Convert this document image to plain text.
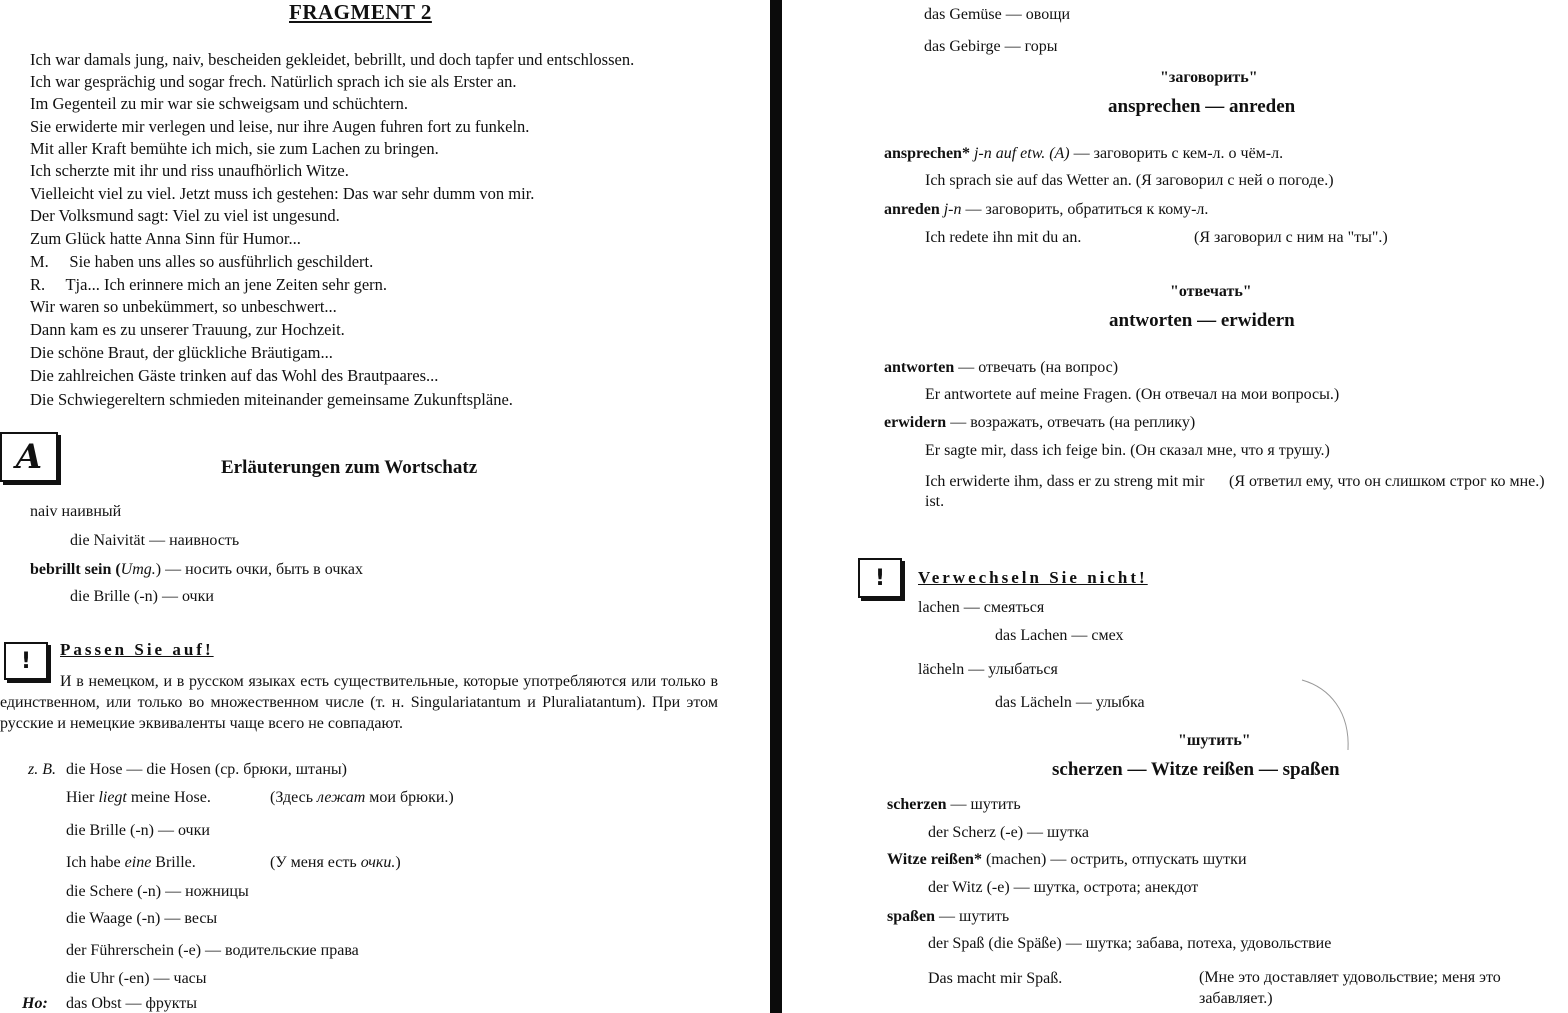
FRAGMENT 2
Ich war damals jung, naiv, bescheiden gekleidet, bebrillt, und doch tapfer und entschlossen.
Ich war gesprächig und sogar frech. Natürlich sprach ich sie als Erster an.
Im Gegenteil zu mir war sie schweigsam und schüchtern.
Sie erwiderte mir verlegen und leise, nur ihre Augen fuhren fort zu funkeln.
Mit aller Kraft bemühte ich mich, sie zum Lachen zu bringen.
Ich scherzte mit ihr und riss unaufhörlich Witze.
Vielleicht viel zu viel. Jetzt muss ich gestehen: Das war sehr dumm von mir.
Der Volksmund sagt: Viel zu viel ist ungesund.
Zum Glück hatte Anna Sinn für Humor...
M.     Sie haben uns alles so ausführlich geschildert.
R.     Tja... Ich erinnere mich an jene Zeiten sehr gern.
Wir waren so unbekümmert, so unbeschwert...
Dann kam es zu unserer Trauung, zur Hochzeit.
Die schöne Braut, der glückliche Bräutigam...
Die zahlreichen Gäste trinken auf das Wohl des Brautpaares...
Die Schwiegereltern schmieden miteinander gemeinsame Zukunftspläne.
A	Erläuterungen zum Wortschatz
naiv наивный
die Naivität — наивность
bebrillt sein (Umg.) — носить очки, быть в очках
die Brille (-n) — очки
!	Passen Sie auf!
И в немецком, и в русском языках есть существительные, которые употребляются или только в единственном, или только во множественном числе (т. н. Singulariatantum и Pluraliatantum). При этом русские и немецкие эквиваленты чаще всего не совпадают.
z. B. die Hose — die Hosen (ср. брюки, штаны)
Hier liegt meine Hose.	(Здесь лежат мои брюки.)
die Brille (-n) — очки
Ich habe eine Brille.	(У меня есть очки.)
die Schere (-n) — ножницы
die Waage (-n) — весы
der Führerschein (-e) — водительские права
die Uhr (-en) — часы
Но: das Obst — фрукты
das Gemüse — овощи
das Gebirge — горы
"заговорить"
ansprechen — anreden
ansprechen* j-n auf etw. (A) — заговорить с кем-л. о чём-л.
Ich sprach sie auf das Wetter an. (Я заговорил с ней о погоде.)
anreden j-n — заговорить, обратиться к кому-л.
Ich redete ihn mit du an.	(Я заговорил с ним на "ты".)
"отвечать"
antworten — erwidern
antworten — отвечать (на вопрос)
Er antwortete auf meine Fragen. (Он отвечал на мои вопросы.)
erwidern — возражать, отвечать (на реплику)
Er sagte mir, dass ich feige bin. (Он сказал мне, что я трушу.)
Ich erwiderte ihm, dass er zu streng mit mir ist.
(Я ответил ему, что он слишком строг ко мне.)
!	Verwechseln Sie nicht!
lachen — смеяться
das Lachen — смех
lächeln — улыбаться
das Lächeln — улыбка
"шутить"
scherzen — Witze reißen — spaßen
scherzen — шутить
der Scherz (-e) — шутка
Witze reißen* (machen) — острить, отпускать шутки
der Witz (-e) — шутка, острота; анекдот
spaßen — шутить
der Spaß (die Späße) — шутка; забава, потеха, удовольствие
Das macht mir Spaß.	(Мне это доставляет удовольствие; меня это забавляет.)
